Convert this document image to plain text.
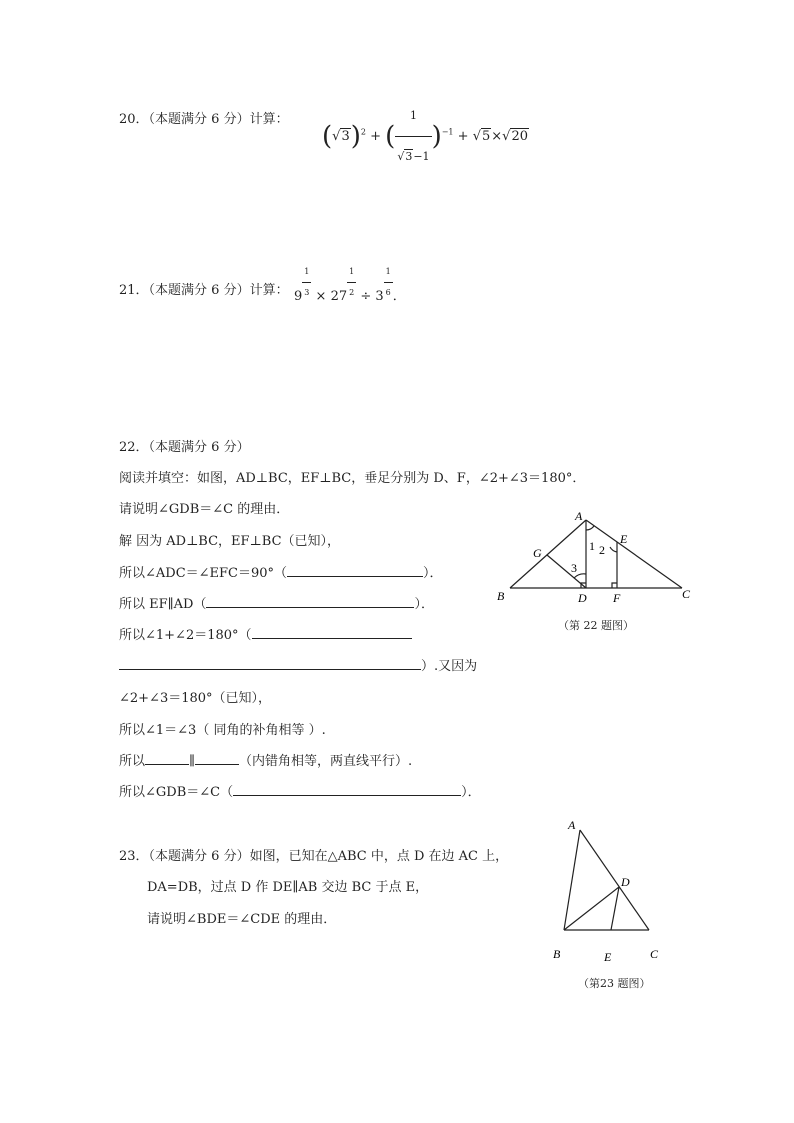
20．（本题满分 6 分）计算：
$(√3)^2$ + ( $\frac{1}{√3-1} )^{-1} + √5\times√20$
21．（本题满分 6 分）计算： $9 \frac{1}{3} \times 27 \frac{1}{2} \div 3 \frac{1}{6}$ ．
22．（本题满分 6 分）
阅读并填空：如图，AD⊥BC，EF⊥BC，垂足分别为 D、F，∠2+∠3＝180°．
请说明∠GDB＝∠C 的理由．
解 因为 AD⊥BC，EF⊥BC（已知），
所以∠ADC＝∠EFC＝90°（	）．
所以 EF∥AD（	）．
所以∠1+∠2＝180°（
）.又因为
∠2+∠3＝180°（已知），
所以∠1＝∠3（ 同角的补角相等 ）.
所以	∥	（内错角相等，两直线平行）.
所以∠GDB＝∠C（	）．
A
B	C
D
E
F
G	1 2
3
（第 22 题图）
23．（本题满分 6 分）如图，已知在△ABC 中，点 D 在边 AC 上，
DA=DB，过点 D 作 DE∥AB 交边 BC 于点 E，
请说明∠BDE＝∠CDE 的理由．
A
B	C
D
E
（第23 题图）
